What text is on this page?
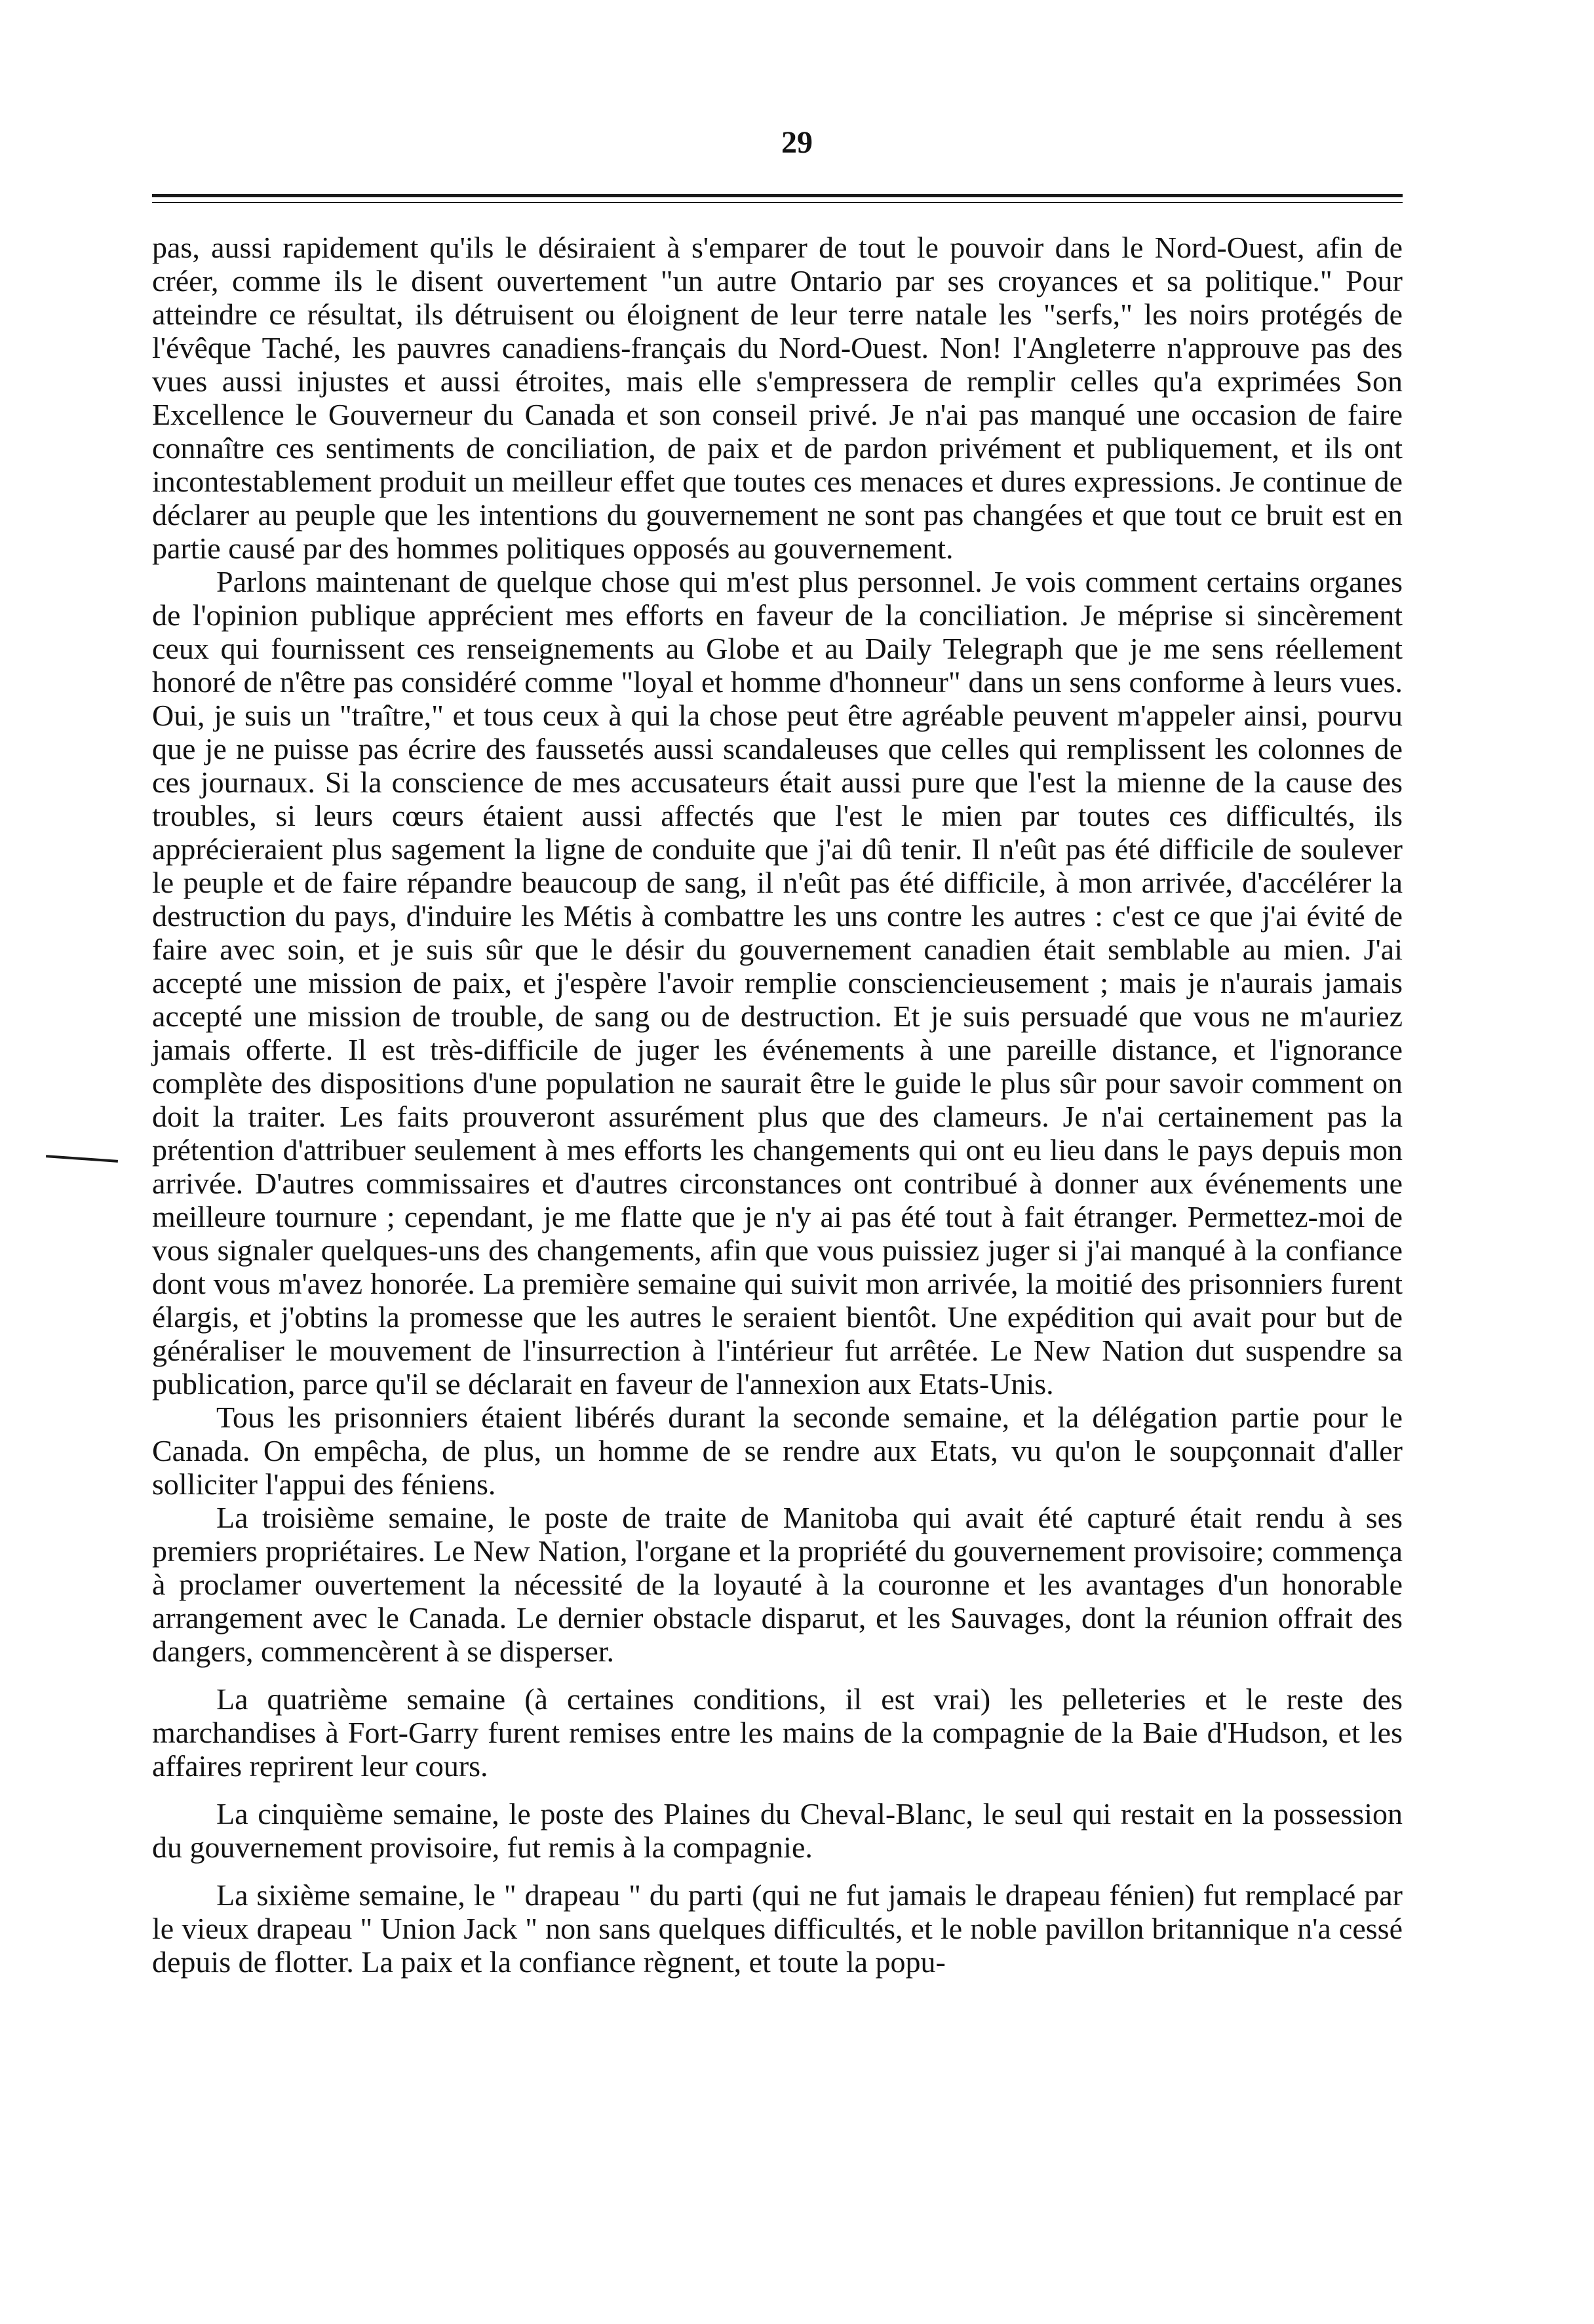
29

pas, aussi rapidement qu'ils le désiraient à s'emparer de tout le pouvoir dans le Nord-Ouest, afin de créer, comme ils le disent ouvertement "un autre Ontario par ses croyances et sa politique." Pour atteindre ce résultat, ils détruisent ou éloignent de leur terre natale les "serfs," les noirs protégés de l'évêque Taché, les pauvres canadiens-français du Nord-Ouest. Non! l'Angleterre n'approuve pas des vues aussi injustes et aussi étroites, mais elle s'empressera de remplir celles qu'a exprimées Son Excellence le Gouverneur du Canada et son conseil privé. Je n'ai pas manqué une occasion de faire connaître ces sentiments de conciliation, de paix et de pardon privément et publiquement, et ils ont incontestablement produit un meilleur effet que toutes ces menaces et dures expressions. Je continue de déclarer au peuple que les intentions du gouvernement ne sont pas changées et que tout ce bruit est en partie causé par des hommes politiques opposés au gouvernement.

Parlons maintenant de quelque chose qui m'est plus personnel. Je vois comment certains organes de l'opinion publique apprécient mes efforts en faveur de la conciliation. Je méprise si sincèrement ceux qui fournissent ces renseignements au Globe et au Daily Telegraph que je me sens réellement honoré de n'être pas considéré comme "loyal et homme d'honneur" dans un sens conforme à leurs vues. Oui, je suis un "traître," et tous ceux à qui la chose peut être agréable peuvent m'appeler ainsi, pourvu que je ne puisse pas écrire des faussetés aussi scandaleuses que celles qui remplissent les colonnes de ces journaux. Si la conscience de mes accusateurs était aussi pure que l'est la mienne de la cause des troubles, si leurs cœurs étaient aussi affectés que l'est le mien par toutes ces difficultés, ils apprécieraient plus sagement la ligne de conduite que j'ai dû tenir. Il n'eût pas été difficile de soulever le peuple et de faire répandre beaucoup de sang, il n'eût pas été difficile, à mon arrivée, d'accélérer la destruction du pays, d'induire les Métis à combattre les uns contre les autres : c'est ce que j'ai évité de faire avec soin, et je suis sûr que le désir du gouvernement canadien était semblable au mien. J'ai accepté une mission de paix, et j'espère l'avoir remplie consciencieusement ; mais je n'aurais jamais accepté une mission de trouble, de sang ou de destruction. Et je suis persuadé que vous ne m'auriez jamais offerte. Il est très-difficile de juger les événements à une pareille distance, et l'ignorance complète des dispositions d'une population ne saurait être le guide le plus sûr pour savoir comment on doit la traiter. Les faits prouveront assurément plus que des clameurs. Je n'ai certainement pas la prétention d'attribuer seulement à mes efforts les changements qui ont eu lieu dans le pays depuis mon arrivée. D'autres commissaires et d'autres circonstances ont contribué à donner aux événements une meilleure tournure ; cependant, je me flatte que je n'y ai pas été tout à fait étranger. Permettez-moi de vous signaler quelques-uns des changements, afin que vous puissiez juger si j'ai manqué à la confiance dont vous m'avez honorée. La première semaine qui suivit mon arrivée, la moitié des prisonniers furent élargis, et j'obtins la promesse que les autres le seraient bientôt. Une expédition qui avait pour but de généraliser le mouvement de l'insurrection à l'intérieur fut arrêtée. Le New Nation dut suspendre sa publication, parce qu'il se déclarait en faveur de l'annexion aux Etats-Unis.

Tous les prisonniers étaient libérés durant la seconde semaine, et la délégation partie pour le Canada. On empêcha, de plus, un homme de se rendre aux Etats, vu qu'on le soupçonnait d'aller solliciter l'appui des féniens.

La troisième semaine, le poste de traite de Manitoba qui avait été capturé était rendu à ses premiers propriétaires. Le New Nation, l'organe et la propriété du gouvernement provisoire; commença à proclamer ouvertement la nécessité de la loyauté à la couronne et les avantages d'un honorable arrangement avec le Canada. Le dernier obstacle disparut, et les Sauvages, dont la réunion offrait des dangers, commencèrent à se disperser.

La quatrième semaine (à certaines conditions, il est vrai) les pelleteries et le reste des marchandises à Fort-Garry furent remises entre les mains de la compagnie de la Baie d'Hudson, et les affaires reprirent leur cours.

La cinquième semaine, le poste des Plaines du Cheval-Blanc, le seul qui restait en la possession du gouvernement provisoire, fut remis à la compagnie.

La sixième semaine, le " drapeau " du parti (qui ne fut jamais le drapeau fénien) fut remplacé par le vieux drapeau " Union Jack " non sans quelques difficultés, et le noble pavillon britannique n'a cessé depuis de flotter. La paix et la confiance règnent, et toute la popu-
